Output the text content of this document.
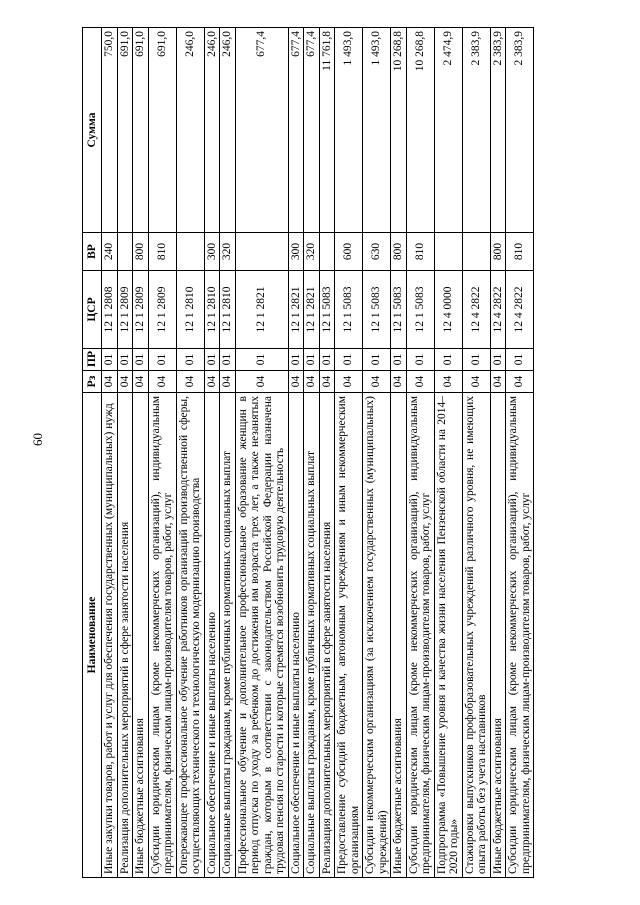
60
Наименование	Рз	ПР	ЦСР	ВР	Сумма
Иные закупки товаров, работ и услуг для обеспечения государственных (муниципальных) нужд	04	01	12 1 2808	240	750,0
Реализация дополнительных мероприятий в сфере занятости населения	04	01	12 1 2809		691,0
Иные бюджетные ассигнования	04	01	12 1 2809	800	691,0
Субсидии юридическим лицам (кроме некоммерческих организаций), индивидуальным предпринимателям, физическим лицам-производителям товаров, работ, услуг	04	01	12 1 2809	810	691,0
Опережающее профессиональное обучение работников организаций производственной сферы, осуществляющих технического и технологическую модернизацию производства	04	01	12 1 2810		246,0
Социальное обеспечение и иные выплаты населению	04	01	12 1 2810	300	246,0
Социальные выплаты гражданам, кроме публичных нормативных социальных выплат	04	01	12 1 2810	320	246,0
Профессиональное обучение и дополнительное профессиональное образование женщин в период отпуска по уходу за ребенком до достижения им возраста трех лет, а также незанятых граждан, которым в соответствии с законодательством Российской Федерации назначена трудовая пенсия по старости и которые стремятся возобновить трудовую деятельность	04	01	12 1 2821		677,4
Социальное обеспечение и иные выплаты населению	04	01	12 1 2821	300	677,4
Социальные выплаты гражданам, кроме публичных нормативных социальных выплат	04	01	12 1 2821	320	677,4
Реализация дополнительных мероприятий в сфере занятости населения	04	01	12 1 5083		11 761,8
Предоставление субсидий бюджетным, автономным учреждениям и иным некоммерческим организациям	04	01	12 1 5083	600	1 493,0
Субсидии некоммерческим организациям (за исключением государственных (муниципальных) учреждений)	04	01	12 1 5083	630	1 493,0
Иные бюджетные ассигнования	04	01	12 1 5083	800	10 268,8
Субсидии юридическим лицам (кроме некоммерческих организаций), индивидуальным предпринимателям, физическим лицам-производителям товаров, работ, услуг	04	01	12 1 5083	810	10 268,8
Подпрограмма «Повышение уровня и качества жизни населения Пензенской области на 2014–2020 годы»	04	01	12 4 0000		2 474,9
Стажировки выпускников профобразовательных учреждений различного уровня, не имеющих опыта работы без учета наставников	04	01	12 4 2822		2 383,9
Иные бюджетные ассигнования	04	01	12 4 2822	800	2 383,9
Субсидии юридическим лицам (кроме некоммерческих организаций), индивидуальным предпринимателям, физическим лицам-производителям товаров, работ, услуг	04	01	12 4 2822	810	2 383,9
